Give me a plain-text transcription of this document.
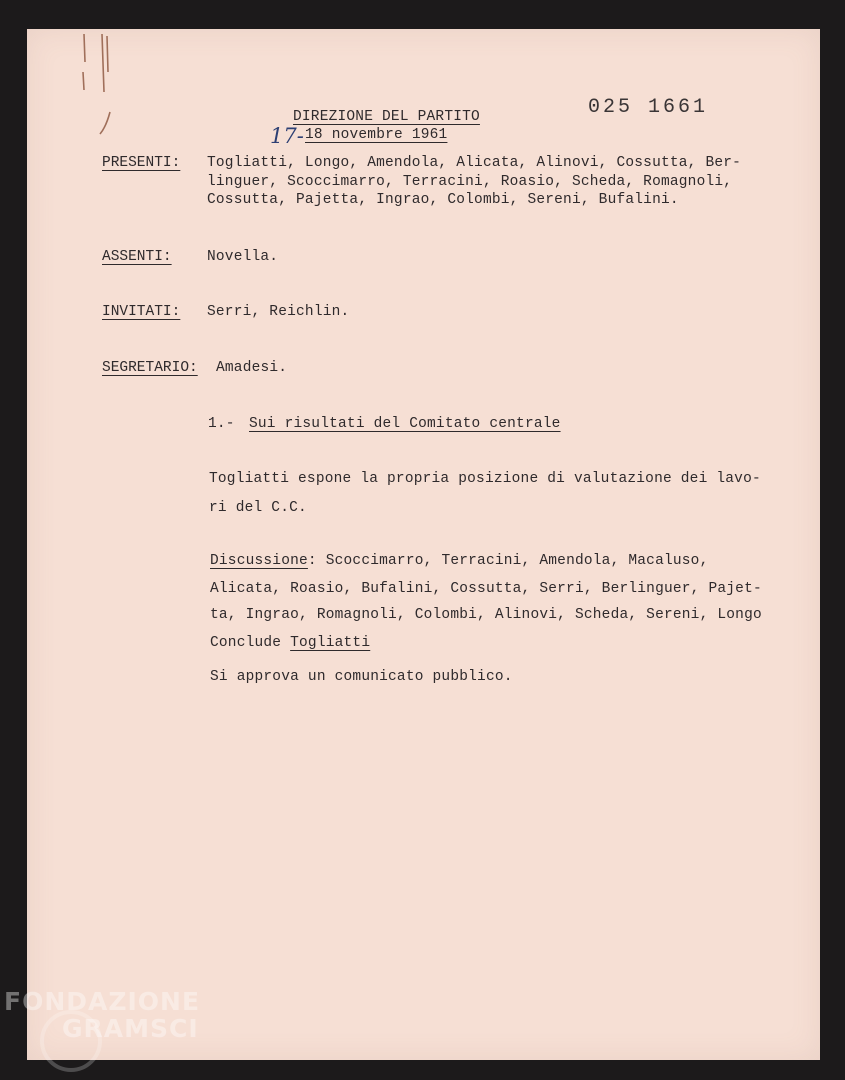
DIREZIONE DEL PARTITO
17- 18 novembre 1961
025 1661
PRESENTI: Togliatti, Longo, Amendola, Alicata, Alinovi, Cossutta, Ber-
linguer, Scoccimarro, Terracini, Roasio, Scheda, Romagnoli,
Cossutta, Pajetta, Ingrao, Colombi, Sereni, Bufalini.
ASSENTI: Novella.
INVITATI: Serri, Reichlin.
SEGRETARIO: Amadesi.
1.- Sui risultati del Comitato centrale
Togliatti espone la propria posizione di valutazione dei lavo-
ri del C.C.
Discussione: Scoccimarro, Terracini, Amendola, Macaluso,
Alicata, Roasio, Bufalini, Cossutta, Serri, Berlinguer, Pajet-
ta, Ingrao, Romagnoli, Colombi, Alinovi, Scheda, Sereni, Longo
Conclude Togliatti
Si approva un comunicato pubblico.
FONDAZIONE
GRAMSCI
